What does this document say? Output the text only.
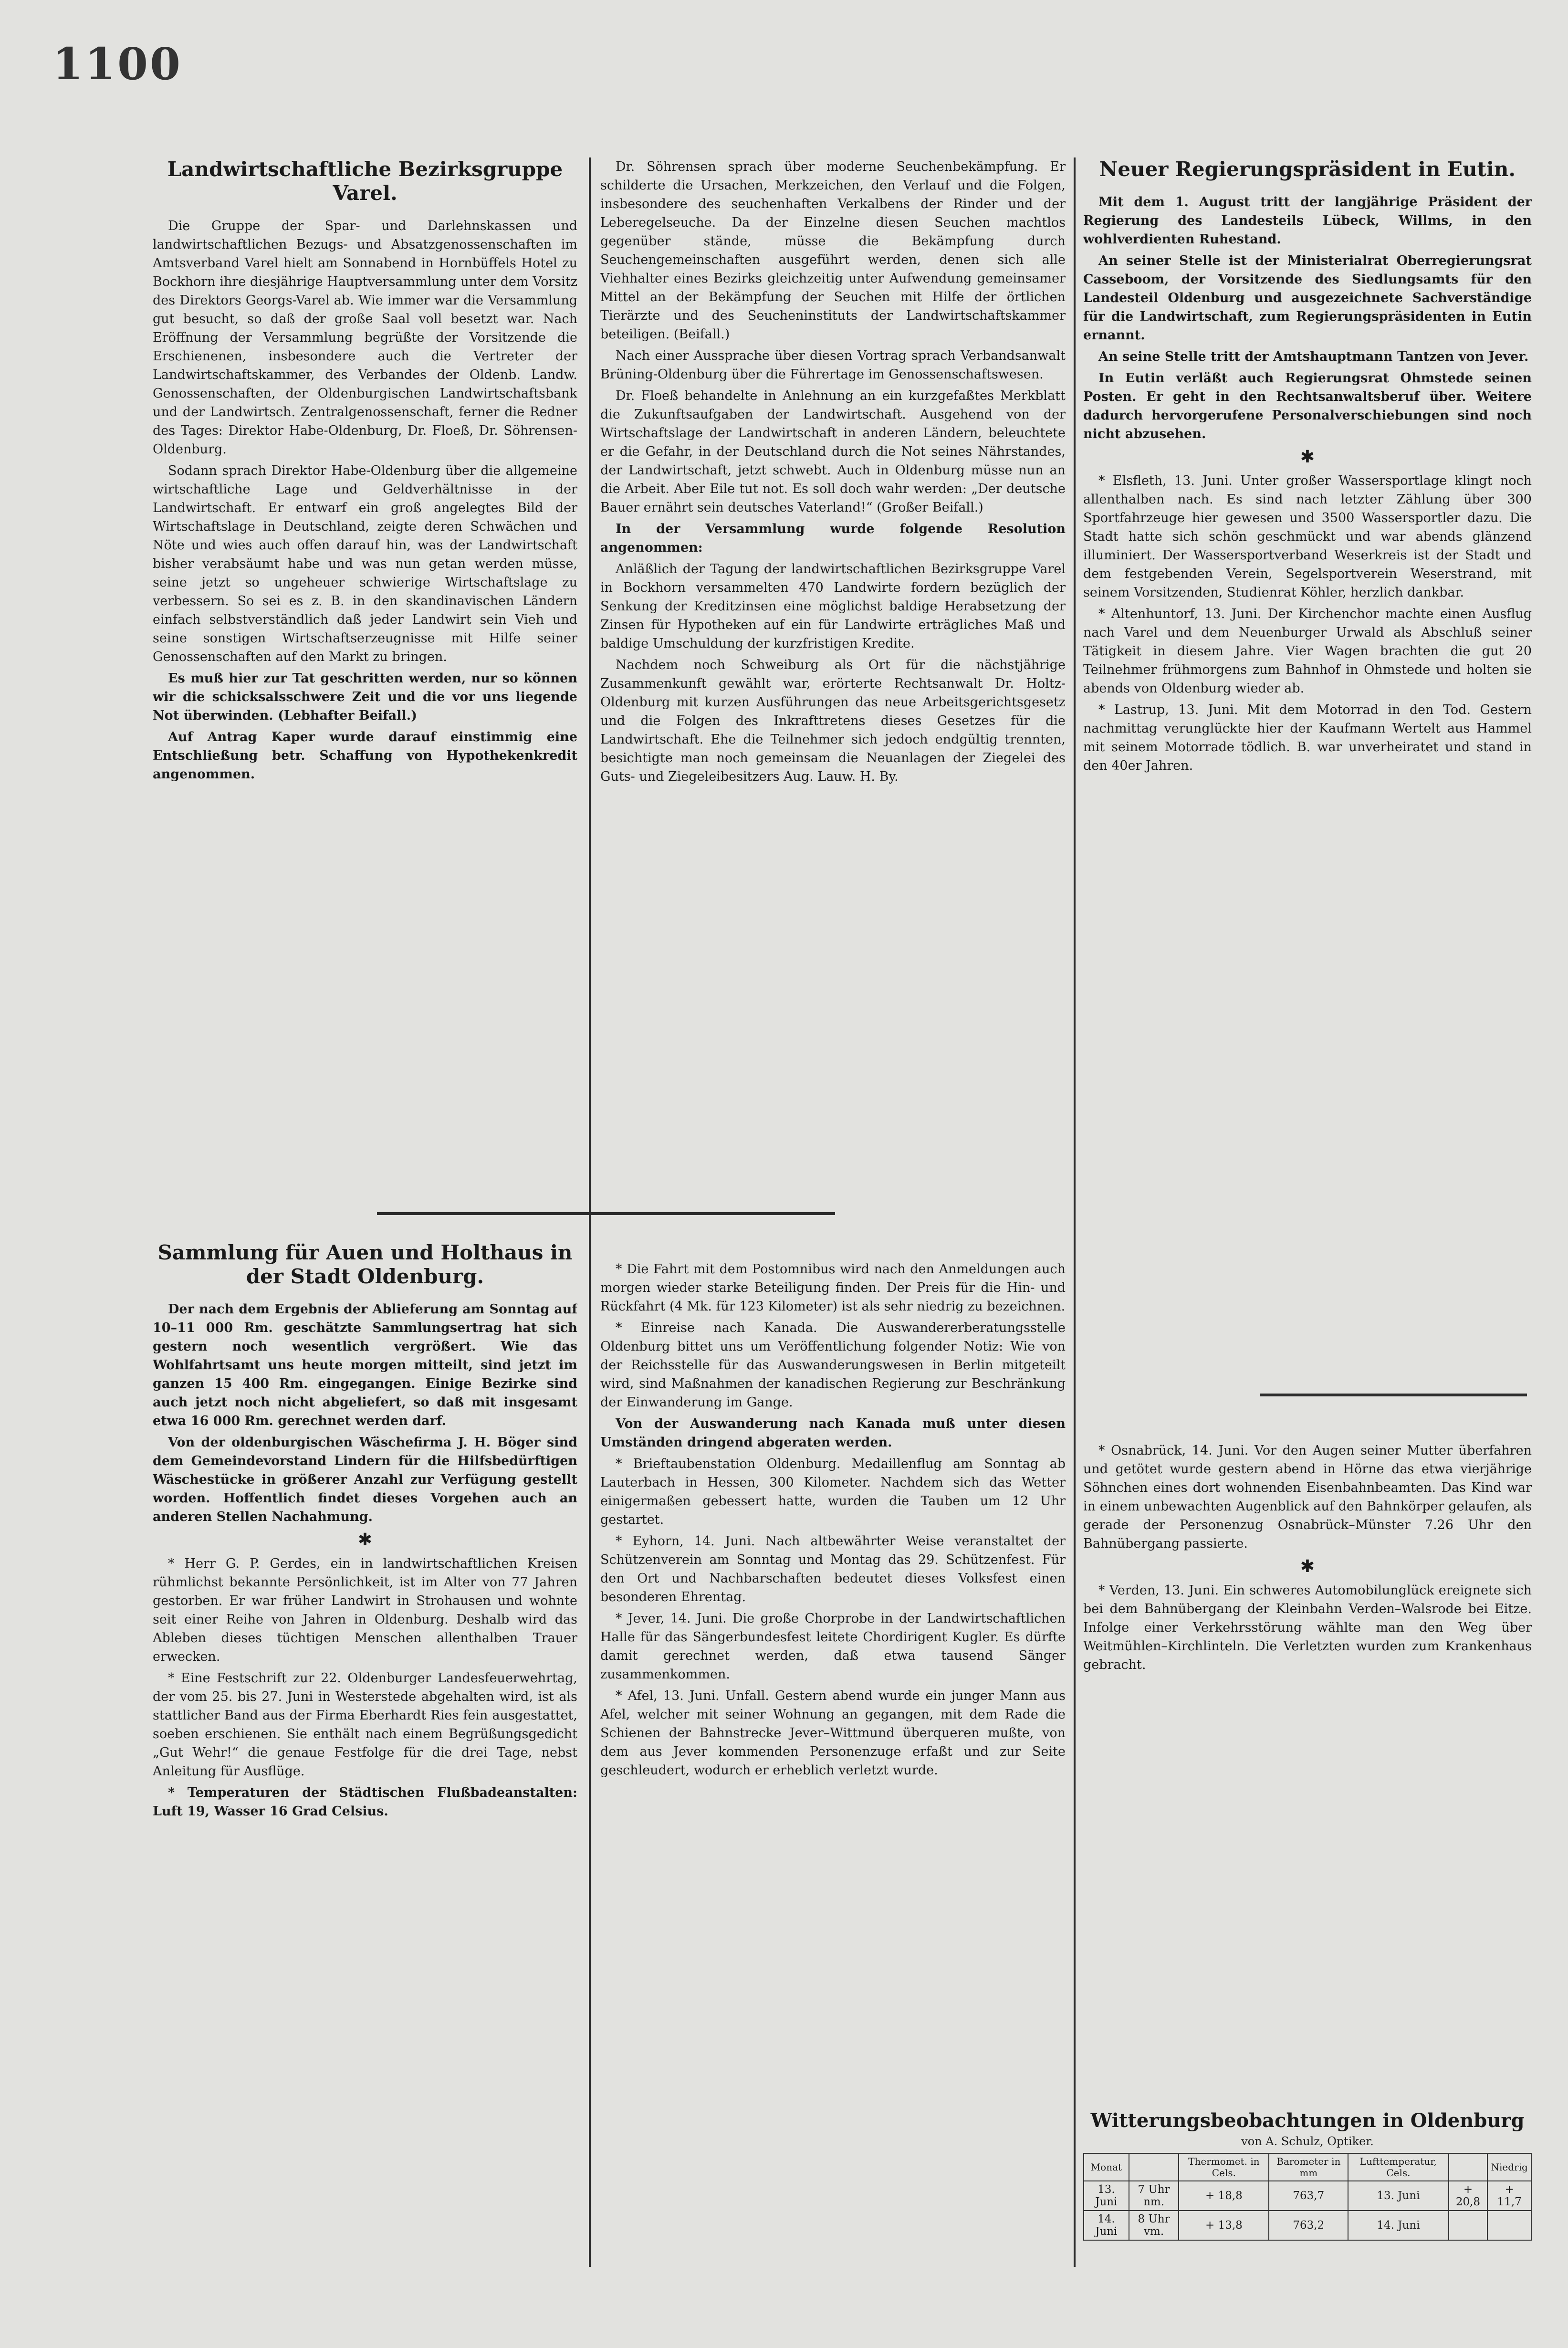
1100
Landwirtschaftliche Bezirksgruppe Varel.

Die Gruppe der Spar- und Darlehnskassen und landwirtschaftlichen Bezugs- und Absatzgenossenschaften im Amtsverband Varel hielt am Sonnabend in Hornbüffels Hotel zu Bockhorn ihre diesjährige Hauptversammlung unter dem Vorsitz des Direktors Georgs-Varel ab. Wie immer war die Versammlung gut besucht, so daß der große Saal voll besetzt war. Nach Eröffnung der Versammlung begrüßte der Vorsitzende die Erschienenen, insbesondere auch die Vertreter der Landwirtschaftskammer, des Verbandes der Oldenb. Landw. Genossenschaften, der Oldenburgischen Landwirtschaftsbank und der Landwirtsch. Zentralgenossenschaft, ferner die Redner des Tages: Direktor Habe-Oldenburg, Dr. Floeß, Dr. Söhrensen-Oldenburg.

Sodann sprach Direktor Habe-Oldenburg über die allgemeine wirtschaftliche Lage und Geldverhältnisse in der Landwirtschaft. Er entwarf ein groß angelegtes Bild der Wirtschaftslage in Deutschland, zeigte deren Schwächen und Nöte und wies auch offen darauf hin, was der Landwirtschaft bisher verabsäumt habe und was nun getan werden müsse, seine jetzt so ungeheuer schwierige Wirtschaftslage zu verbessern. So sei es z. B. in den skandinavischen Ländern einfach selbstverständlich daß jeder Landwirt sein Vieh und seine sonstigen Wirtschaftserzeugnisse mit Hilfe seiner Genossenschaften auf den Markt zu bringen.

Es muß hier zur Tat geschritten werden, nur so können wir die schicksalsschwere Zeit und die vor uns liegende Not überwinden. (Lebhafter Beifall.)

Auf Antrag Kaper wurde darauf einstimmig eine Entschließung betr. Schaffung von Hypothekenkredit angenommen.

Dr. Söhrensen sprach über moderne Seuchenbekämpfung. Er schilderte die Ursachen, Merkzeichen, den Verlauf und die Folgen, insbesondere des seuchenhaften Verkalbens der Rinder und der Leberegelseuche. Da der Einzelne diesen Seuchen machtlos gegenüber stände, müsse die Bekämpfung durch Seuchengemeinschaften ausgeführt werden, denen sich alle Viehhalter eines Bezirks gleichzeitig unter Aufwendung gemeinsamer Mittel an der Bekämpfung der Seuchen mit Hilfe der örtlichen Tierärzte und des Seucheninstituts der Landwirtschaftskammer beteiligen. (Beifall.)

Nach einer Aussprache über diesen Vortrag sprach Verbandsanwalt Brüning-Oldenburg über die Führertage im Genossenschaftswesen.

Dr. Floeß behandelte in Anlehnung an ein kurzgefaßtes Merkblatt die Zukunftsaufgaben der Landwirtschaft. Ausgehend von der Wirtschaftslage der Landwirtschaft in anderen Ländern, beleuchtete er die Gefahr, in der Deutschland durch die Not seines Nährstandes, der Landwirtschaft, jetzt schwebt. Auch in Oldenburg müsse nun an die Arbeit. Aber Eile tut not. Es soll doch wahr werden: „Der deutsche Bauer ernährt sein deutsches Vaterland!“ (Großer Beifall.)

In der Versammlung wurde folgende Resolution angenommen:

Anläßlich der Tagung der landwirtschaftlichen Bezirksgruppe Varel in Bockhorn versammelten 470 Landwirte fordern bezüglich der Senkung der Kreditzinsen eine möglichst baldige Herabsetzung der Zinsen für Hypotheken auf ein für Landwirte erträgliches Maß und baldige Umschuldung der kurzfristigen Kredite.

Nachdem noch Schweiburg als Ort für die nächstjährige Zusammenkunft gewählt war, erörterte Rechtsanwalt Dr. Holtz-Oldenburg mit kurzen Ausführungen das neue Arbeitsgerichtsgesetz und die Folgen des Inkrafttretens dieses Gesetzes für die Landwirtschaft. Ehe die Teilnehmer sich jedoch endgültig trennten, besichtigte man noch gemeinsam die Neuanlagen der Ziegelei des Guts- und Ziegeleibesitzers Aug. Lauw. H. By.

Neuer Regierungspräsident in Eutin.

Mit dem 1. August tritt der langjährige Präsident der Regierung des Landesteils Lübeck, Willms, in den wohlverdienten Ruhestand.

An seiner Stelle ist der Ministerialrat Oberregierungsrat Casseboom, der Vorsitzende des Siedlungsamts für den Landesteil Oldenburg und ausgezeichnete Sachverständige für die Landwirtschaft, zum Regierungspräsidenten in Eutin ernannt.

An seine Stelle tritt der Amtshauptmann Tantzen von Jever.

In Eutin verläßt auch Regierungsrat Ohmstede seinen Posten. Er geht in den Rechtsanwaltsberuf über. Weitere dadurch hervorgerufene Personalverschiebungen sind noch nicht abzusehen.

✱

* Elsfleth, 13. Juni. Unter großer Wassersportlage klingt noch allenthalben nach. Es sind nach letzter Zählung über 300 Sportfahrzeuge hier gewesen und 3500 Wassersportler dazu. Die Stadt hatte sich schön geschmückt und war abends glänzend illuminiert. Der Wassersportverband Weserkreis ist der Stadt und dem festgebenden Verein, Segelsportverein Weserstrand, mit seinem Vorsitzenden, Studienrat Köhler, herzlich dankbar.

* Altenhuntorf, 13. Juni. Der Kirchenchor machte einen Ausflug nach Varel und dem Neuenburger Urwald als Abschluß seiner Tätigkeit in diesem Jahre. Vier Wagen brachten die gut 20 Teilnehmer frühmorgens zum Bahnhof in Ohmstede und holten sie abends von Oldenburg wieder ab.

* Lastrup, 13. Juni. Mit dem Motorrad in den Tod. Gestern nachmittag verunglückte hier der Kaufmann Wertelt aus Hammel mit seinem Motorrade tödlich. B. war unverheiratet und stand in den 40er Jahren.

Sammlung für Auen und Holthaus in der Stadt Oldenburg.

Der nach dem Ergebnis der Ablieferung am Sonntag auf 10–11 000 Rm. geschätzte Sammlungsertrag hat sich gestern noch wesentlich vergrößert. Wie das Wohlfahrtsamt uns heute morgen mitteilt, sind jetzt im ganzen 15 400 Rm. eingegangen. Einige Bezirke sind auch jetzt noch nicht abgeliefert, so daß mit insgesamt etwa 16 000 Rm. gerechnet werden darf.

Von der oldenburgischen Wäschefirma J. H. Böger sind dem Gemeindevorstand Lindern für die Hilfsbedürftigen Wäschestücke in größerer Anzahl zur Verfügung gestellt worden. Hoffentlich findet dieses Vorgehen auch an anderen Stellen Nachahmung.

✱

* Herr G. P. Gerdes, ein in landwirtschaftlichen Kreisen rühmlichst bekannte Persönlichkeit, ist im Alter von 77 Jahren gestorben. Er war früher Landwirt in Strohausen und wohnte seit einer Reihe von Jahren in Oldenburg. Deshalb wird das Ableben dieses tüchtigen Menschen allenthalben Trauer erwecken.

* Eine Festschrift zur 22. Oldenburger Landesfeuerwehrtag, der vom 25. bis 27. Juni in Westerstede abgehalten wird, ist als stattlicher Band aus der Firma Eberhardt Ries fein ausgestattet, soeben erschienen. Sie enthält nach einem Begrüßungsgedicht „Gut Wehr!“ die genaue Festfolge für die drei Tage, nebst Anleitung für Ausflüge.

* Temperaturen der Städtischen Flußbadeanstalten: Luft 19, Wasser 16 Grad Celsius.

* Die Fahrt mit dem Postomnibus wird nach den Anmeldungen auch morgen wieder starke Beteiligung finden. Der Preis für die Hin- und Rückfahrt (4 Mk. für 123 Kilometer) ist als sehr niedrig zu bezeichnen.

* Einreise nach Kanada. Die Auswandererberatungsstelle Oldenburg bittet uns um Veröffentlichung folgender Notiz: Wie von der Reichsstelle für das Auswanderungswesen in Berlin mitgeteilt wird, sind Maßnahmen der kanadischen Regierung zur Beschränkung der Einwanderung im Gange.

Von der Auswanderung nach Kanada muß unter diesen Umständen dringend abgeraten werden.

* Brieftaubenstation Oldenburg. Medaillenflug am Sonntag ab Lauterbach in Hessen, 300 Kilometer. Nachdem sich das Wetter einigermaßen gebessert hatte, wurden die Tauben um 12 Uhr gestartet.

* Eyhorn, 14. Juni. Nach altbewährter Weise veranstaltet der Schützenverein am Sonntag und Montag das 29. Schützenfest. Für den Ort und Nachbarschaften bedeutet dieses Volksfest einen besonderen Ehrentag.

* Jever, 14. Juni. Die große Chorprobe in der Landwirtschaftlichen Halle für das Sängerbundesfest leitete Chordirigent Kugler. Es dürfte damit gerechnet werden, daß etwa tausend Sänger zusammenkommen.

* Afel, 13. Juni. Unfall. Gestern abend wurde ein junger Mann aus Afel, welcher mit seiner Wohnung an gegangen, mit dem Rade die Schienen der Bahnstrecke Jever–Wittmund überqueren mußte, von dem aus Jever kommenden Personenzuge erfaßt und zur Seite geschleudert, wodurch er erheblich verletzt wurde.

* Osnabrück, 14. Juni. Vor den Augen seiner Mutter überfahren und getötet wurde gestern abend in Hörne das etwa vierjährige Söhnchen eines dort wohnenden Eisenbahnbeamten. Das Kind war in einem unbewachten Augenblick auf den Bahnkörper gelaufen, als gerade der Personenzug Osnabrück–Münster 7.26 Uhr den Bahnübergang passierte.

✱

* Verden, 13. Juni. Ein schweres Automobilunglück ereignete sich bei dem Bahnübergang der Kleinbahn Verden–Walsrode bei Eitze. Infolge einer Verkehrsstörung wählte man den Weg über Weitmühlen–Kirchlinteln. Die Verletzten wurden zum Krankenhaus gebracht.

Witterungsbeobachtungen in Oldenburg
von A. Schulz, Optiker.
Monat		Thermomet. in Cels.	Barometer in mm	Lufttemperatur, Cels.		Niedrig
13. Juni	7 Uhr nm.	+ 18,8	763,7	13. Juni	+ 20,8	+ 11,7
14. Juni	8 Uhr vm.	+ 13,8	763,2	14. Juni		
